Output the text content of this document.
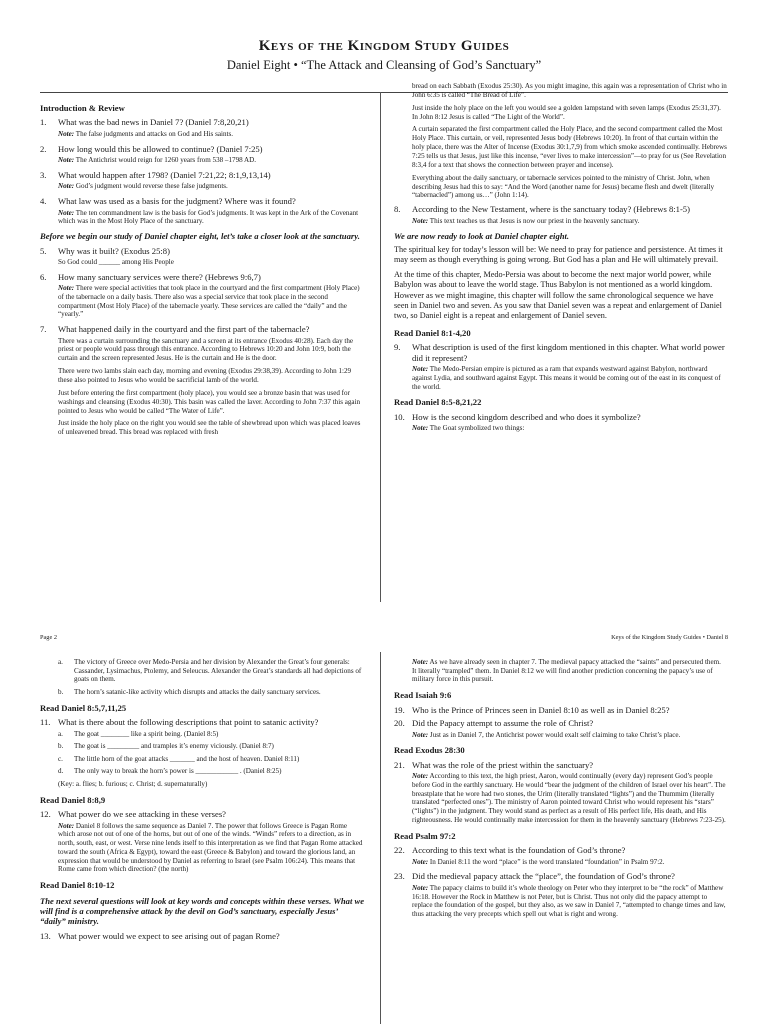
Keys of the Kingdom Study Guides
Daniel Eight • “The Attack and Cleansing of God’s Sanctuary”
Introduction & Review
1.	What was the bad news in Daniel 7? (Daniel 7:8,20,21)
Note: The false judgments and attacks on God and His saints.
2.	How long would this be allowed to continue? (Daniel 7:25)
Note: The Antichrist would reign for 1260 years from 538 –1798 AD.
3.	What would happen after 1798? (Daniel 7:21,22; 8:1,9,13,14)
Note: God’s judgment would reverse these false judgments.
4.	What law was used as a basis for the judgment? Where was it found?
Note: The ten commandment law is the basis for God’s judgments. It was kept in the Ark of the Covenant which was in the Most Holy Place of the sanctuary.
Before we begin our study of Daniel chapter eight, let’s take a closer look at the sanctuary.
5.	Why was it built? (Exodus 25:8)
So God could ______ among His People
6.	How many sanctuary services were there? (Hebrews 9:6,7)
Note: There were special activities that took place in the courtyard and the first compartment (Holy Place) of the tabernacle on a daily basis. There also was a special service that took place in the second compartment (Most Holy Place) of the tabernacle yearly. These services are called the “daily” and the “yearly.”
7.	What happened daily in the courtyard and the first part of the tabernacle?
There was a curtain surrounding the sanctuary and a screen at its entrance (Exodus 40:28). Each day the priest or people would pass through this entrance. According to Hebrews 10:20 and John 10:9, both the curtain and the screen represented Jesus. He is the curtain and He is the door.
There were two lambs slain each day, morning and evening (Exodus 29:38,39). According to John 1:29 these also pointed to Jesus who would be sacrificial lamb of the world.
Just before entering the first compartment (holy place), you would see a bronze basin that was used for washings and cleansing (Exodus 40:30). This basin was called the laver. According to John 7:37 this again pointed to Jesus who would be called “The Water of Life”.
Just inside the holy place on the right you would see the table of shewbread upon which was placed loaves of unleavened bread. This bread was replaced with fresh
bread on each Sabbath (Exodus 25:30). As you might imagine, this again was a representation of Christ who in John 6:35 is called “The Bread of Life”.
Just inside the holy place on the left you would see a golden lampstand with seven lamps (Exodus 25:31,37). In John 8:12 Jesus is called “The Light of the World”.
A curtain separated the first compartment called the Holy Place, and the second compartment called the Most Holy Place. This curtain, or veil, represented Jesus body (Hebrews 10:20). In front of that curtain within the holy place, there was the Alter of Incense (Exodus 30:1,7,9) from which smoke ascended continually. Hebrews 7:25 tells us that Jesus, just like this incense, “ever lives to make intercession”—to pray for us (See Revelation 8:3,4 for a text that shows the connection between prayer and incense).
Everything about the daily sanctuary, or tabernacle services pointed to the ministry of Christ. John, when describing Jesus had this to say: “And the Word (another name for Jesus) became flesh and dwelt (literally “tabernacled”) among us…” (John 1:14).
8.	According to the New Testament, where is the sanctuary today? (Hebrews 8:1-5)
Note: This text teaches us that Jesus is now our priest in the heavenly sanctuary.
We are now ready to look at Daniel chapter eight.
The spiritual key for today’s lesson will be: We need to pray for patience and persistence. At times it may seem as though everything is going wrong. But God has a plan and He will ultimately prevail.
At the time of this chapter, Medo-Persia was about to become the next major world power, while Babylon was about to leave the world stage. Thus Babylon is not mentioned as a world kingdom. However as we might imagine, this chapter will follow the same chronological sequence we have seen in Daniel two and seven. As you saw that Daniel seven was a repeat and enlargement of Daniel two, so Daniel eight is a repeat and enlargement of Daniel seven.
Read Daniel 8:1-4,20
9.	What description is used of the first kingdom mentioned in this chapter. What world power did it represent?
Note: The Medo-Persian empire is pictured as a ram that expands westward against Babylon, northward against Lydia, and southward against Egypt. This means it would be coming out of the east in its conquest of the world.
Read Daniel 8:5-8,21,22
10. How is the second kingdom described and who does it symbolize?
Note: The Goat symbolized two things:
Page 2	Keys of the Kingdom Study Guides • Daniel 8
a.	The victory of Greece over Medo-Persia and her division by Alexander the Great’s four generals: Cassander, Lysimachus, Ptolemy, and Seleucus. Alexander the Great’s standards all had depictions of goats on them.
b.	The horn’s satanic-like activity which disrupts and attacks the daily sanctuary services.
Read Daniel 8:5,7,11,25
11. What is there about the following descriptions that point to satanic activity?
a.	The goat ________ like a spirit being. (Daniel 8:5)
b.	The goat is _________ and tramples it’s enemy viciously. (Daniel 8:7)
c.	The little horn of the goat attacks _______ and the host of heaven. Daniel 8:11)
d.	The only way to break the horn’s power is ____________ . (Daniel 8:25)
(Key: a. flies; b. furious; c. Christ; d. supernaturally)
Read Daniel 8:8,9
12. What power do we see attacking in these verses?
Note: Daniel 8 follows the same sequence as Daniel 7. The power that follows Greece is Pagan Rome which arose not out of one of the horns, but out of one of the winds. “Winds” refers to a direction, as in north, south, east, or west. Verse nine lends itself to this interpretation as we find that Pagan Rome attacked toward the south (Africa & Egypt), toward the east (Greece & Babylon) and toward the glorious land, an expression that would be understood by Daniel as referring to Israel (see Psalm 106:24). This means that Rome came from which direction? (the north)
Read Daniel 8:10-12
The next several questions will look at key words and concepts within these verses. What we will find is a comprehensive attack by the devil on God’s sanctuary, especially Jesus’ “daily” ministry.
13. What power would we expect to see arising out of pagan Rome?
Note: As we have already seen in chapter 7. The medieval papacy attacked the “saints” and persecuted them. It literally “trampled” them. In Daniel 8:12 we will find another prediction concerning the papacy’s use of military force in this pursuit.
Read Isaiah 9:6
19. Who is the Prince of Princes seen in Daniel 8:10 as well as in Daniel 8:25?
20. Did the Papacy attempt to assume the role of Christ?
Note: Just as in Daniel 7, the Antichrist power would exalt self claiming to take Christ’s place.
Read Exodus 28:30
21. What was the role of the priest within the sanctuary?
Note: According to this text, the high priest, Aaron, would continually (every day) represent God’s people before God in the earthly sanctuary. He would “bear the judgment of the children of Israel over his heart”. The breastplate that he wore had two stones, the Urim (literally translated “lights”) and the Thummim (literally translated “perfected ones”). The ministry of Aaron pointed toward Christ who would represent his “stars” (“lights”) in the judgment. They would stand as perfect as a result of His perfect life, His death, and His righteousness. He would continually make intercession for them in the heavenly sanctuary (Hebrews 7:23-25).
Read Psalm 97:2
22. According to this text what is the foundation of God’s throne?
Note: In Daniel 8:11 the word “place” is the word translated “foundation” in Psalm 97:2.
23. Did the medieval papacy attack the “place”, the foundation of God’s throne?
Note: The papacy claims to build it’s whole theology on Peter who they interpret to be “the rock” of Matthew 16:18. However the Rock in Matthew is not Peter, but is Christ. Thus not only did the papacy attempt to replace the foundation of the gospel, but they also, as we saw in Daniel 7, “attempted to change times and law, thus attacking the very precepts which spell out what is right and wrong.
